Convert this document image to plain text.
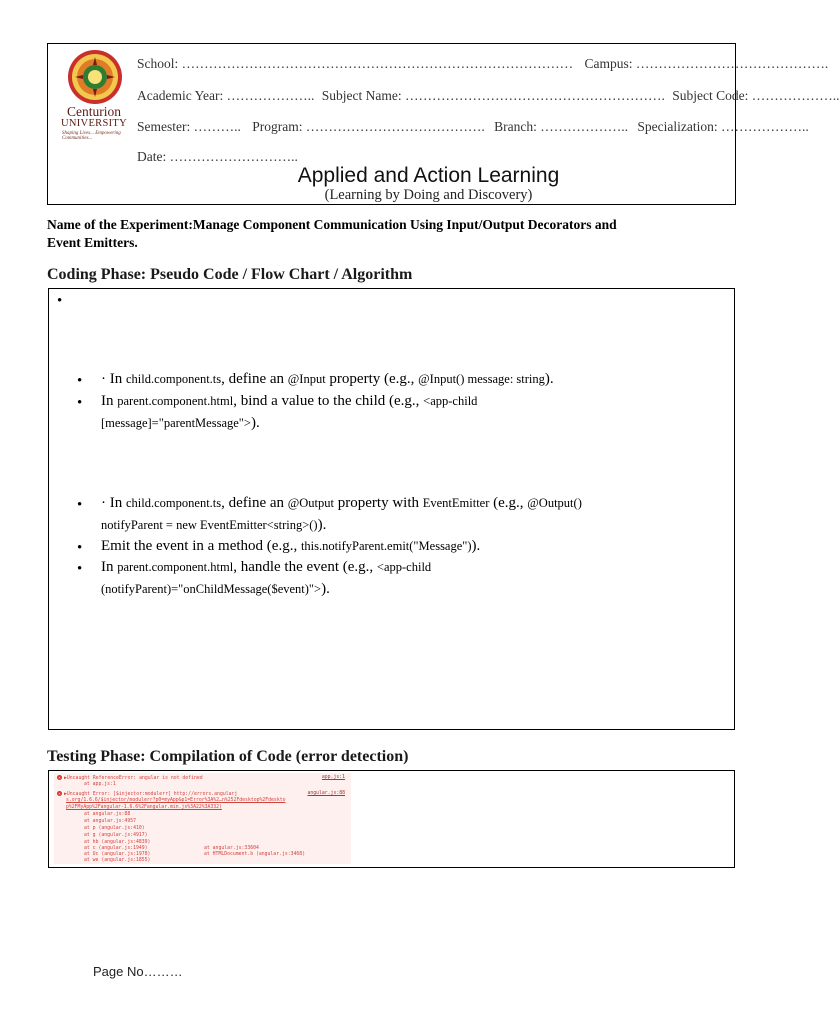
Centurion
UNIVERSITY
Shaping Lives... Empowering Communities...
School: …………………………………………………………………………… Campus: …………………………………….
Academic Year: ……………….. Subject Name: …………………………………………………. Subject Code: ………………..
Semester: ……….. Program: …………………………………. Branch: ……………….. Specialization: ………………..
Date: ………………………..
Applied and Action Learning
(Learning by Doing and Discovery)
Name of the Experiment:Manage Component Communication Using Input/Output Decorators and
Event Emitters.
Coding Phase: Pseudo Code / Flow Chart / Algorithm
•
• · In child.component.ts, define an @Input property (e.g., @Input() message: string).
• In parent.component.html, bind a value to the child (e.g., <app-child
[message]="parentMessage">).
• · In child.component.ts, define an @Output property with EventEmitter (e.g., @Output()
notifyParent = new EventEmitter<string>()).
• Emit the event in a method (e.g., this.notifyParent.emit("Message")).
• In parent.component.html, handle the event (e.g., <app-child
(notifyParent)="onChildMessage($event)">).
Testing Phase: Compilation of Code (error detection)
× ▶Uncaught ReferenceError: angular is not defined	app.js:1
at app.js:1
× ▶Uncaught Error: [$injector:modulerr] http://errors.angularj	angular.js:88
s.org/1.6.6/$injector/modulerr?p0=myApp&p1=Error%3A%2…n%252Fdesktop%2Fdeskto
p%2FMyApp%2Fangular-1.6.6%2Fangular.min.js%3A22%3A332)
at angular.js:88
at angular.js:4957
at p (angular.js:410)
at g (angular.js:4917)
at hb (angular.js:4839)
at c (angular.js:1949)
at Uc (angular.js:1970)
at we (angular.js:1855)
at angular.js:33604
at HTMLDocument.b (angular.js:3468)
Page No………
